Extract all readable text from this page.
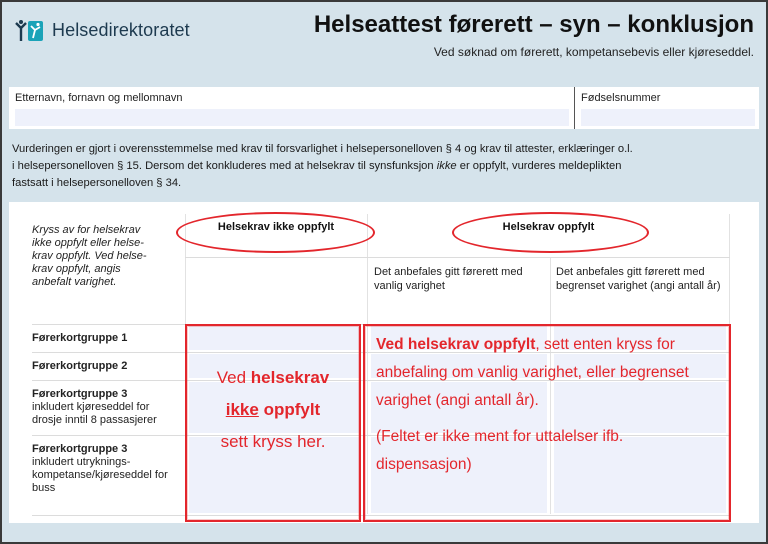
Helsedirektoratet	Helseattest førerett – syn – konklusjon
Ved søknad om førerett, kompetansebevis eller kjøreseddel.
Etternavn, fornavn og mellomnavn	Fødselsnummer
Vurderingen er gjort i overensstemmelse med krav til forsvarlighet i helsepersonelloven § 4 og krav til attester, erklæringer o.l.
i helsepersonelloven § 15. Dersom det konkluderes med at helsekrav til synsfunksjon ikke er oppfylt, vurderes meldeplikten
fastsatt i helsepersonelloven § 34.
Kryss av for helsekrav
ikke oppfylt eller helse-
krav oppfylt. Ved helse-
krav oppfylt, angis
anbefalt varighet.
Helsekrav ikke oppfylt	Helsekrav oppfylt
Det anbefales gitt førerett med vanlig varighet
Det anbefales gitt førerett med begrenset varighet (angi antall år)
Førerkortgruppe 1
Førerkortgruppe 2
Førerkortgruppe 3
inkludert kjøreseddel for drosje inntil 8 passasjerer
Førerkortgruppe 3
inkludert utryknings-kompetanse/kjøreseddel for buss
Ved helsekrav
ikke oppfylt
sett kryss her.
Ved helsekrav oppfylt, sett enten kryss for anbefaling om vanlig varighet, eller begrenset varighet (angi antall år).
(Feltet er ikke ment for uttalelser ifb. dispensasjon)
